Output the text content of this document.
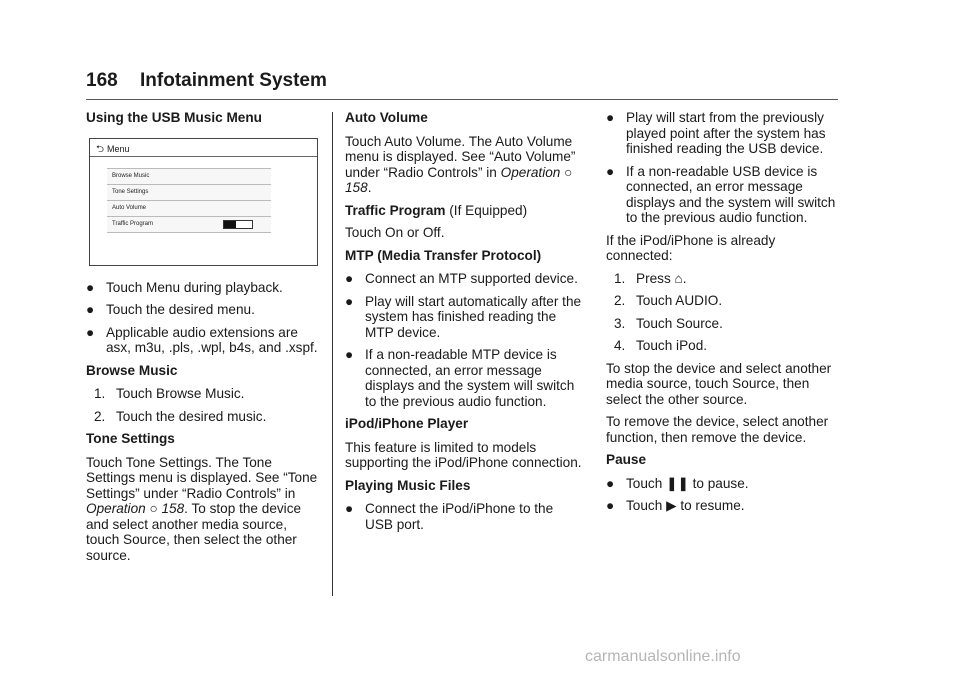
168 Infotainment System
Using the USB Music Menu
⮌ Menu
Browse Music
Tone Settings
Auto Volume
Traffic Program
● Touch Menu during playback.
● Touch the desired menu.
● Applicable audio extensions are asx, m3u, .pls, .wpl, b4s, and .xspf.
Browse Music
1. Touch Browse Music.
2. Touch the desired music.
Tone Settings
Touch Tone Settings. The Tone Settings menu is displayed. See “Tone Settings” under “Radio Controls” in Operation ○ 158. To stop the device and select another media source, touch Source, then select the other source.
Auto Volume
Touch Auto Volume. The Auto Volume menu is displayed. See “Auto Volume” under “Radio Controls” in Operation ○ 158.
Traffic Program (If Equipped)
Touch On or Off.
MTP (Media Transfer Protocol)
● Connect an MTP supported device.
● Play will start automatically after the system has finished reading the MTP device.
● If a non-readable MTP device is connected, an error message displays and the system will switch to the previous audio function.
iPod/iPhone Player
This feature is limited to models supporting the iPod/iPhone connection.
Playing Music Files
● Connect the iPod/iPhone to the USB port.
● Play will start from the previously played point after the system has finished reading the USB device.
● If a non-readable USB device is connected, an error message displays and the system will switch to the previous audio function.
If the iPod/iPhone is already connected:
1. Press ⌂.
2. Touch AUDIO.
3. Touch Source.
4. Touch iPod.
To stop the device and select another media source, touch Source, then select the other source.
To remove the device, select another function, then remove the device.
Pause
● Touch ❚❚ to pause.
● Touch ▶ to resume.
carmanualsonline.info
